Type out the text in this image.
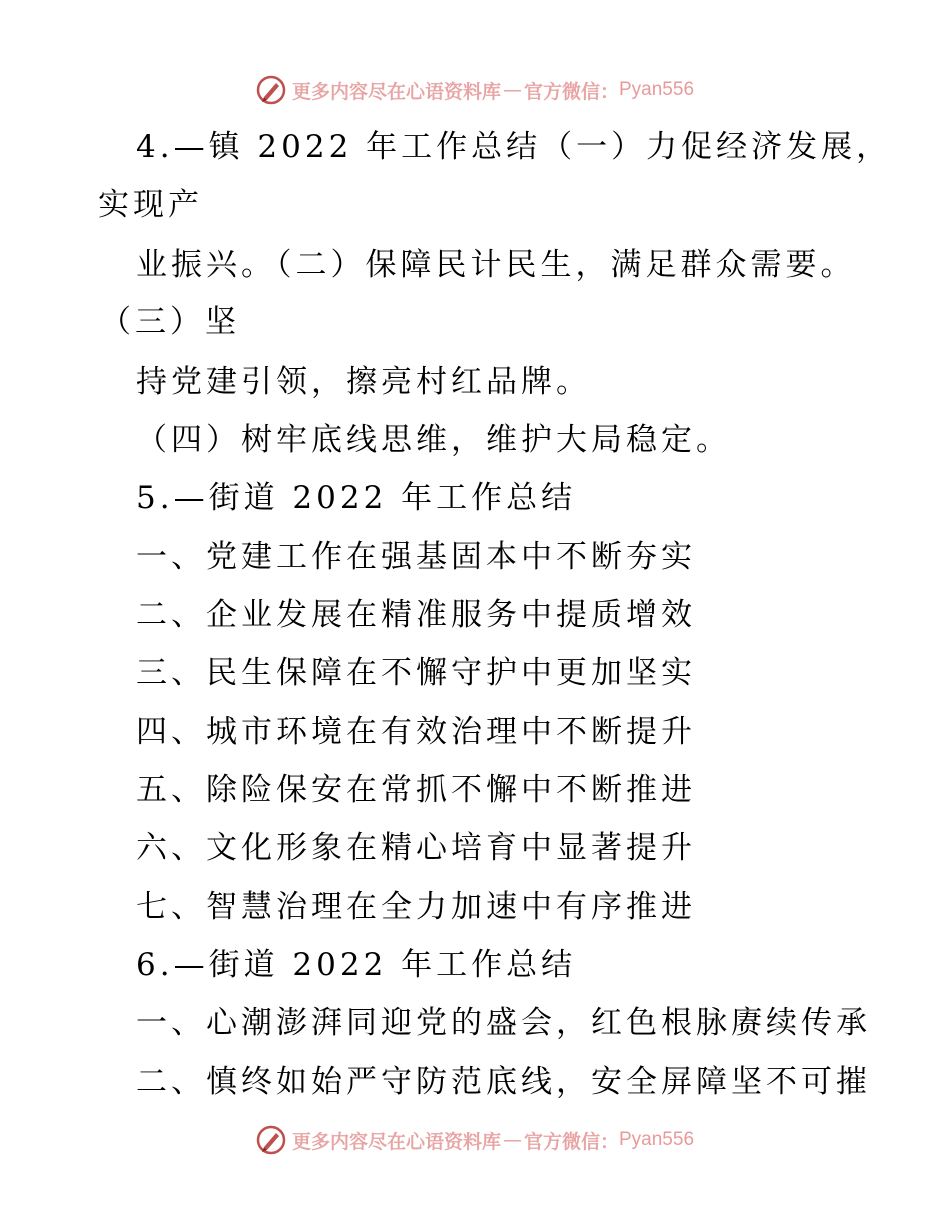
更多内容尽在心语资料库 — 官方微信： Pyan556
4.—镇 2022 年工作总结（一）力促经济发展，
实现产
业振兴。（二）保障民计民生，满足群众需要。
（三）坚
持党建引领，擦亮村红品牌。
（四）树牢底线思维，维护大局稳定。
5.—街道 2022 年工作总结
一、党建工作在强基固本中不断夯实
二、企业发展在精准服务中提质增效
三、民生保障在不懈守护中更加坚实
四、城市环境在有效治理中不断提升
五、除险保安在常抓不懈中不断推进
六、文化形象在精心培育中显著提升
七、智慧治理在全力加速中有序推进
6.—街道 2022 年工作总结
一、心潮澎湃同迎党的盛会，红色根脉赓续传承
二、慎终如始严守防范底线，安全屏障坚不可摧
更多内容尽在心语资料库 — 官方微信： Pyan556
